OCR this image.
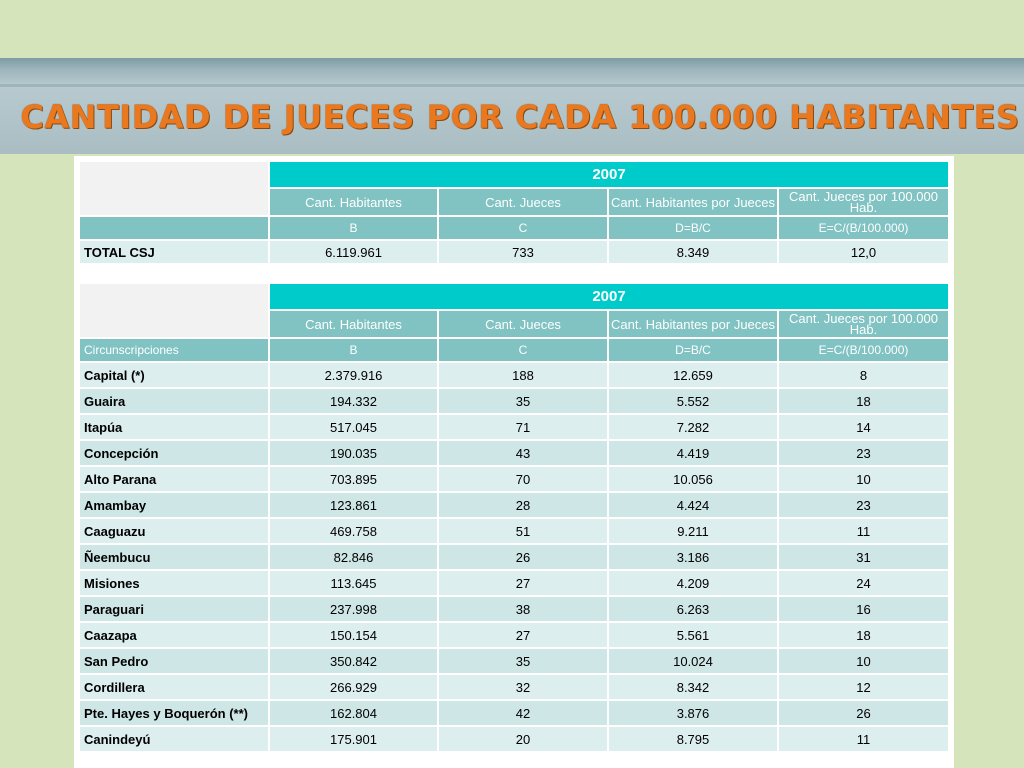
CANTIDAD DE JUECES POR CADA 100.000 HABITANTES
	2007			
	Cant. Habitantes	Cant. Jueces	Cant. Habitantes por Jueces	Cant. Jueces por 100.000 Hab.
	B	C	D=B/C	E=C/(B/100.000)
TOTAL CSJ	6.119.961	733	8.349	12,0
	2007			
	Cant. Habitantes	Cant. Jueces	Cant. Habitantes por Jueces	Cant. Jueces por 100.000 Hab.
Circunscripciones	B	C	D=B/C	E=C/(B/100.000)
Capital (*)	2.379.916	188	12.659	8
Guaira	194.332	35	5.552	18
Itapúa	517.045	71	7.282	14
Concepción	190.035	43	4.419	23
Alto Parana	703.895	70	10.056	10
Amambay	123.861	28	4.424	23
Caaguazu	469.758	51	9.211	11
Ñeembucu	82.846	26	3.186	31
Misiones	113.645	27	4.209	24
Paraguari	237.998	38	6.263	16
Caazapa	150.154	27	5.561	18
San Pedro	350.842	35	10.024	10
Cordillera	266.929	32	8.342	12
Pte. Hayes y Boquerón (**)	162.804	42	3.876	26
Canindeyú	175.901	20	8.795	11
